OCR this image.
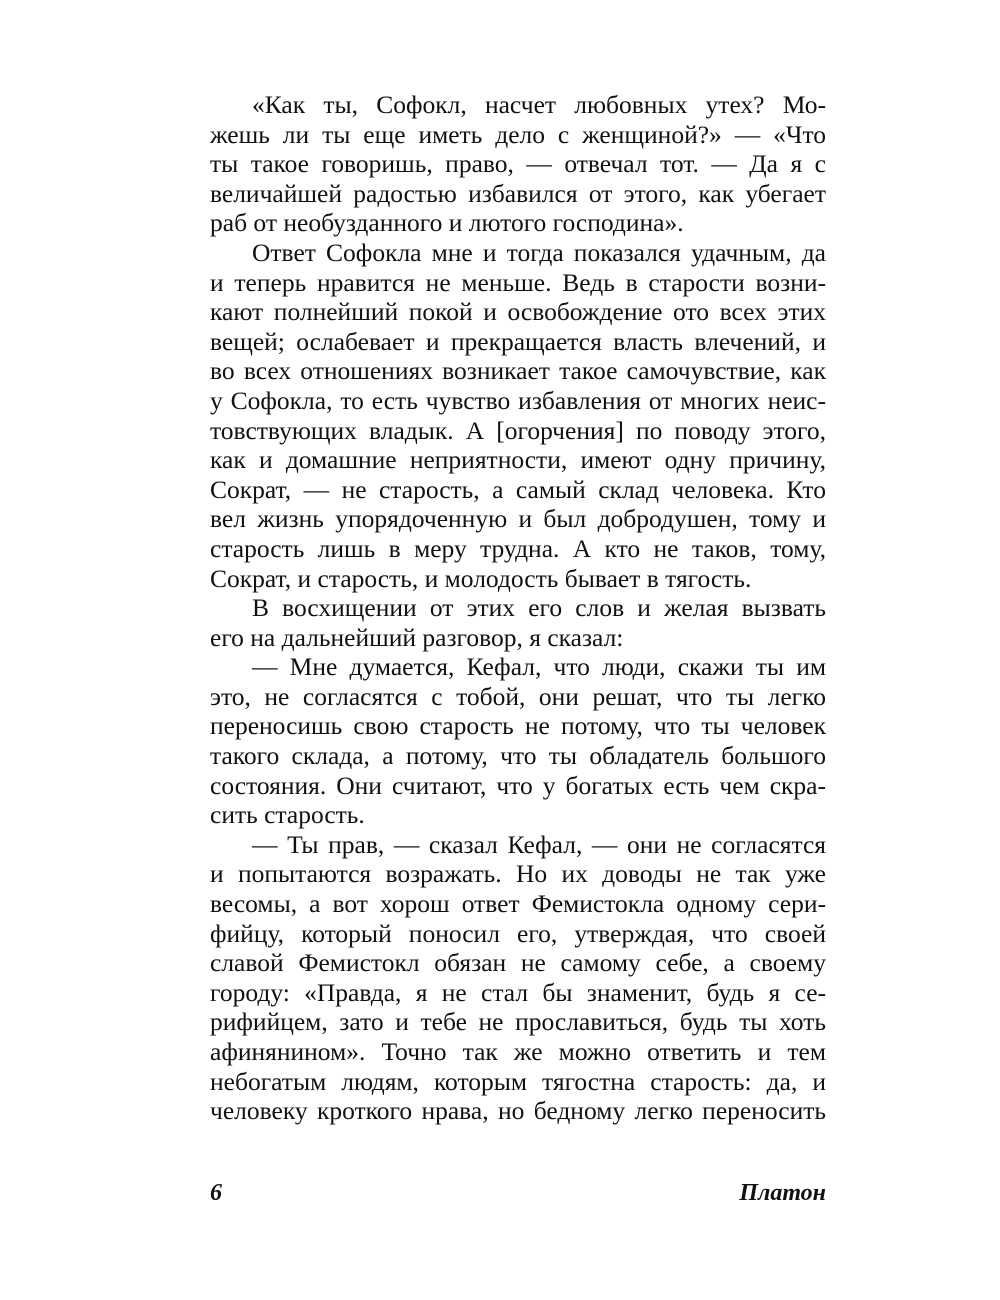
«Как ты, Софокл, насчет любовных утех? Мо-
жешь ли ты еще иметь дело с женщиной?» — «Что
ты такое говоришь, право, — отвечал тот. — Да я с
величайшей радостью избавился от этого, как убегает
раб от необузданного и лютого господина».
Ответ Софокла мне и тогда показался удачным, да
и теперь нравится не меньше. Ведь в старости возни-
кают полнейший покой и освобождение ото всех этих
вещей; ослабевает и прекращается власть влечений, и
во всех отношениях возникает такое самочувствие, как
у Софокла, то есть чувство избавления от многих неис-
товствующих владык. А [огорчения] по поводу этого,
как и домашние неприятности, имеют одну причину,
Сократ, — не старость, а самый склад человека. Кто
вел жизнь упорядоченную и был добродушен, тому и
старость лишь в меру трудна. А кто не таков, тому,
Сократ, и старость, и молодость бывает в тягость.
В восхищении от этих его слов и желая вызвать
его на дальнейший разговор, я сказал:
— Мне думается, Кефал, что люди, скажи ты им
это, не согласятся с тобой, они решат, что ты легко
переносишь свою старость не потому, что ты человек
такого склада, а потому, что ты обладатель большого
состояния. Они считают, что у богатых есть чем скра-
сить старость.
— Ты прав, — сказал Кефал, — они не согласятся
и попытаются возражать. Но их доводы не так уже
весомы, а вот хорош ответ Фемистокла одному сери-
фийцу, который поносил его, утверждая, что своей
славой Фемистокл обязан не самому себе, а своему
городу: «Правда, я не стал бы знаменит, будь я се-
рифийцем, зато и тебе не прославиться, будь ты хоть
афинянином». Точно так же можно ответить и тем
небогатым людям, которым тягостна старость: да, и
человеку кроткого нрава, но бедному легко переносить
6	Платон
